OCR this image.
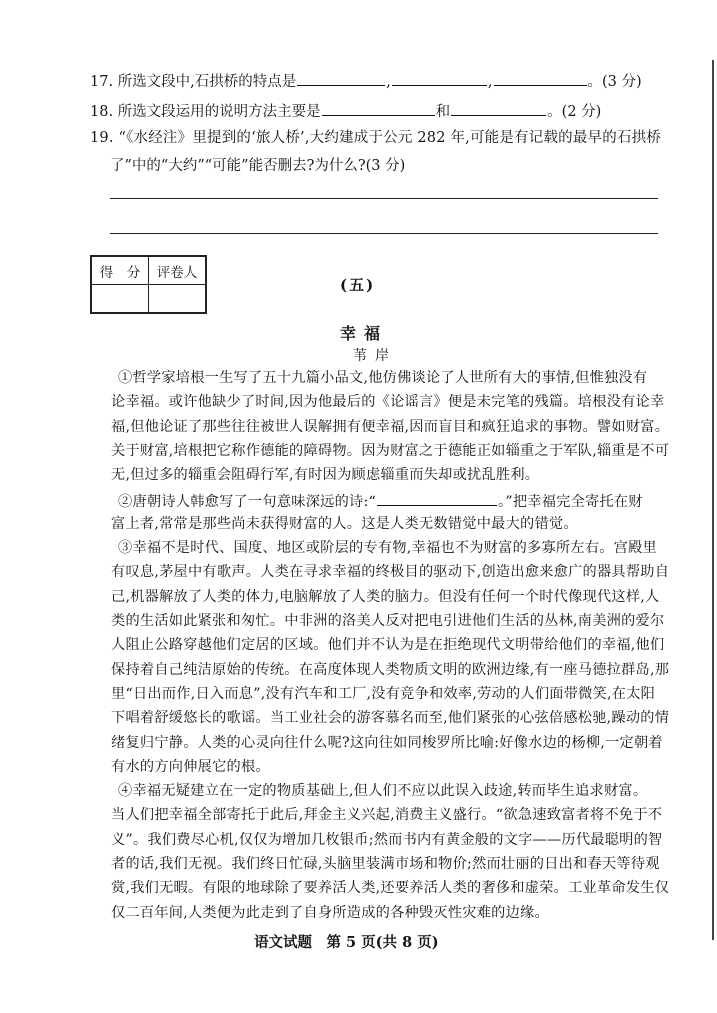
17. 所选文段中,石拱桥的特点是	,	,	。(3 分)
18. 所选文段运用的说明方法主要是	和	。(2 分)
19. “《水经注》里提到的‘旅人桥’,大约建成于公元 282 年,可能是有记载的最早的石拱桥
了”中的“大约”“可能”能否删去?为什么?(3 分)
得　分	评卷人

(五)
幸福
苇岸
①哲学家培根一生写了五十九篇小品文,他仿佛谈论了人世所有大的事情,但惟独没有
论幸福。或许他缺少了时间,因为他最后的《论谣言》便是未完笔的残篇。培根没有论幸
福,但他论证了那些往往被世人误解拥有便幸福,因而盲目和疯狂追求的事物。譬如财富。
关于财富,培根把它称作德能的障碍物。因为财富之于德能正如辎重之于军队,辎重是不可
无,但过多的辎重会阻碍行军,有时因为顾虑辎重而失却或扰乱胜利。
②唐朝诗人韩愈写了一句意味深远的诗:“	。”把幸福完全寄托在财
富上者,常常是那些尚未获得财富的人。这是人类无数错觉中最大的错觉。
③幸福不是时代、国度、地区或阶层的专有物,幸福也不为财富的多寡所左右。宫殿里
有叹息,茅屋中有歌声。人类在寻求幸福的终极目的驱动下,创造出愈来愈广的器具帮助自
己,机器解放了人类的体力,电脑解放了人类的脑力。但没有任何一个时代像现代这样,人
类的生活如此紧张和匆忙。中非洲的洛美人反对把电引进他们生活的丛林,南美洲的爱尔
人阻止公路穿越他们定居的区域。他们并不认为是在拒绝现代文明带给他们的幸福,他们
保持着自己纯洁原始的传统。在高度体现人类物质文明的欧洲边缘,有一座马德拉群岛,那
里“日出而作,日入而息”,没有汽车和工厂,没有竞争和效率,劳动的人们面带微笑,在太阳
下唱着舒缓悠长的歌谣。当工业社会的游客慕名而至,他们紧张的心弦倍感松驰,躁动的情
绪复归宁静。人类的心灵向往什么呢?这向往如同梭罗所比喻:好像水边的杨柳,一定朝着
有水的方向伸展它的根。
④幸福无疑建立在一定的物质基础上,但人们不应以此误入歧途,转而毕生追求财富。
当人们把幸福全部寄托于此后,拜金主义兴起,消费主义盛行。“欲急速致富者将不免于不
义”。我们费尽心机,仅仅为增加几枚银币;然而书内有黄金般的文字——历代最聪明的智
者的话,我们无视。我们终日忙碌,头脑里装满市场和物价;然而壮丽的日出和春天等待观
赏,我们无暇。有限的地球除了要养活人类,还要养活人类的奢侈和虚荣。工业革命发生仅
仅二百年间,人类便为此走到了自身所造成的各种毁灭性灾难的边缘。
语文试题　第 5 页(共 8 页)
